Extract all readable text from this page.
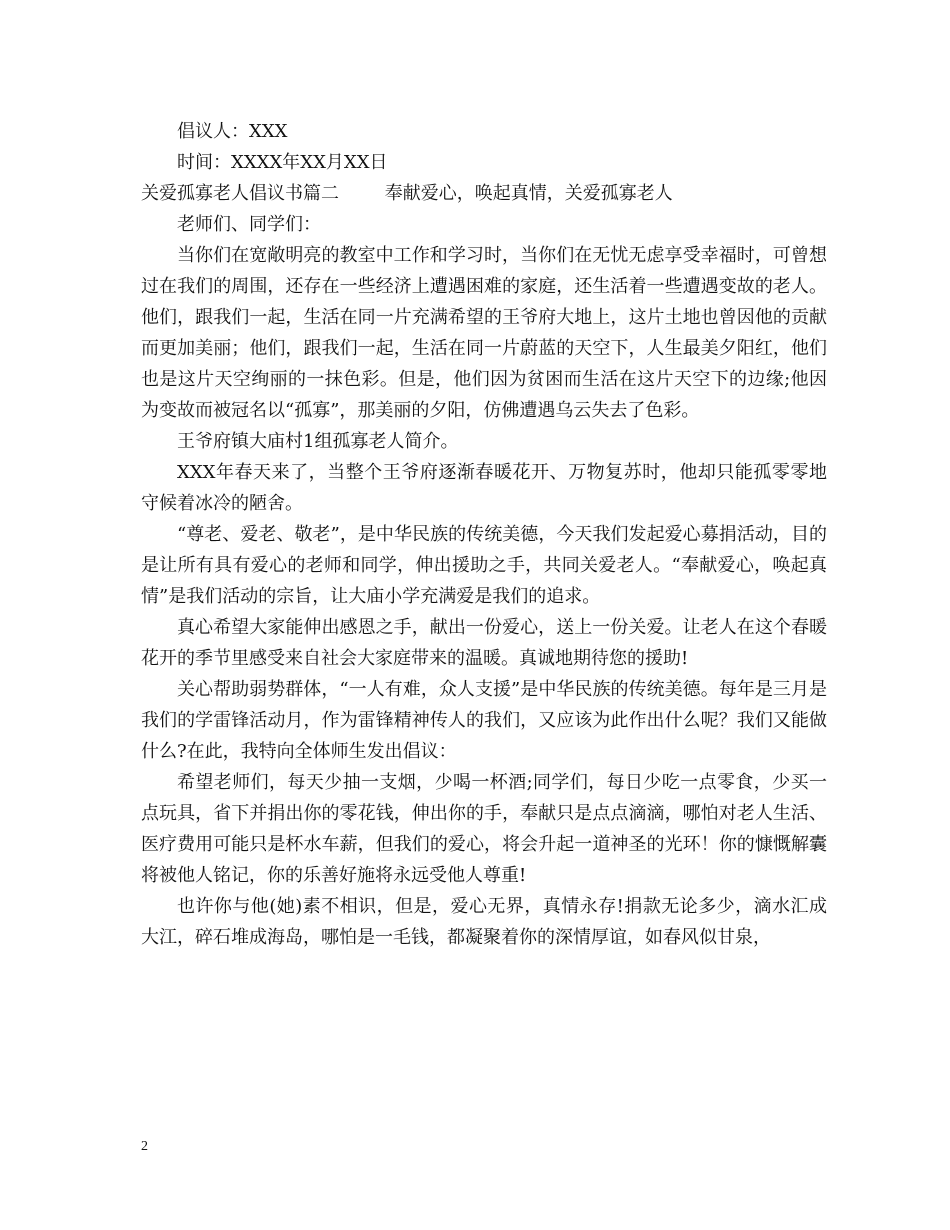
倡议人：XXX

时间：XXXX年XX月XX日

关爱孤寡老人倡议书篇二	奉献爱心，唤起真情，关爱孤寡老人

老师们、同学们：

当你们在宽敞明亮的教室中工作和学习时，当你们在无忧无虑享受幸福时，可曾想过在我们的周围，还存在一些经济上遭遇困难的家庭，还生活着一些遭遇变故的老人。他们，跟我们一起，生活在同一片充满希望的王爷府大地上，这片土地也曾因他的贡献而更加美丽；他们，跟我们一起，生活在同一片蔚蓝的天空下，人生最美夕阳红，他们也是这片天空绚丽的一抹色彩。但是，他们因为贫困而生活在这片天空下的边缘;他因为变故而被冠名以“孤寡”，那美丽的夕阳，仿佛遭遇乌云失去了色彩。

王爷府镇大庙村1组孤寡老人简介。

XXX年春天来了，当整个王爷府逐渐春暖花开、万物复苏时，他却只能孤零零地守候着冰冷的陋舍。

“尊老、爱老、敬老”，是中华民族的传统美德，今天我们发起爱心募捐活动，目的是让所有具有爱心的老师和同学，伸出援助之手，共同关爱老人。“奉献爱心，唤起真情”是我们活动的宗旨，让大庙小学充满爱是我们的追求。

真心希望大家能伸出感恩之手，献出一份爱心，送上一份关爱。让老人在这个春暖花开的季节里感受来自社会大家庭带来的温暖。真诚地期待您的援助!

关心帮助弱势群体，“一人有难，众人支援”是中华民族的传统美德。每年是三月是我们的学雷锋活动月，作为雷锋精神传人的我们，又应该为此作出什么呢？我们又能做什么?在此，我特向全体师生发出倡议：

希望老师们，每天少抽一支烟，少喝一杯酒;同学们，每日少吃一点零食，少买一点玩具，省下并捐出你的零花钱，伸出你的手，奉献只是点点滴滴，哪怕对老人生活、医疗费用可能只是杯水车薪，但我们的爱心，将会升起一道神圣的光环！你的慷慨解囊将被他人铭记，你的乐善好施将永远受他人尊重!

也许你与他(她)素不相识，但是，爱心无界，真情永存!捐款无论多少，滴水汇成大江，碎石堆成海岛，哪怕是一毛钱，都凝聚着你的深情厚谊，如春风似甘泉，

2
